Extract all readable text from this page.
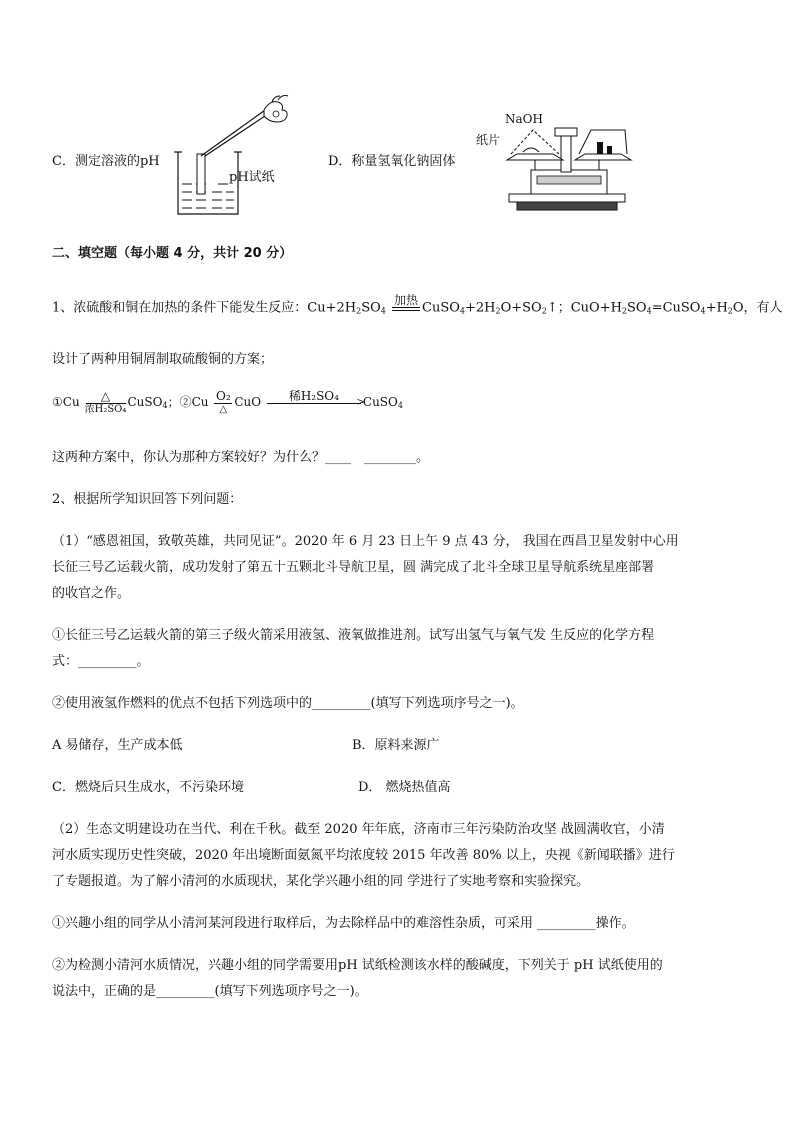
C．测定溶液的pH
pH试纸
D．称量氢氧化钠固体
NaOH
纸片
二、填空题（每小题 4 分，共计 20 分）
1、浓硫酸和铜在加热的条件下能发生反应：$Cu+2H_2SO_4$
加热

$CuSO_4+2H_2O+SO_2↑$；$CuO+H_2SO_4=CuSO_4+H_2O$，有人
设计了两种用铜屑制取硫酸铜的方案；
①Cu	△
浓H₂SO₄
CuSO$_4$；②Cu O₂
△
CuO	稀H₂SO₄	>

CuSO$_4$
这两种方案中，你认为那种方案较好？为什么？____　________。
2、根据所学知识回答下列问题：
（1）“感恩祖国，致敬英雄，共同见证”。2020 年 6 月 23 日上午 9 点 43 分， 我国在西昌卫星发射中心用
长征三号乙运载火箭，成功发射了第五十五颗北斗导航卫星，圆 满完成了北斗全球卫星导航系统星座部署
的收官之作。
①长征三号乙运载火箭的第三子级火箭采用液氢、液氧做推进剂。试写出氢气与氧气发 生反应的化学方程
式：_________。
②使用液氢作燃料的优点不包括下列选项中的_________(填写下列选项序号之一)。
A 易储存，生产成本低	B．原料来源广
C．燃烧后只生成水，不污染环境	D． 燃烧热值高
（2）生态文明建设功在当代、利在千秋。截至 2020 年年底，济南市三年污染防治攻坚 战圆满收官，小清
河水质实现历史性突破，2020 年出境断面氨氮平均浓度较 2015 年改善 80% 以上，央视《新闻联播》进行
了专题报道。为了解小清河的水质现状，某化学兴趣小组的同 学进行了实地考察和实验探究。
①兴趣小组的同学从小清河某河段进行取样后，为去除样品中的难溶性杂质，可采用 _________操作。
②为检测小清河水质情况，兴趣小组的同学需要用pH 试纸检测该水样的酸碱度，下列关于 pH 试纸使用的
说法中，正确的是_________(填写下列选项序号之一)。
